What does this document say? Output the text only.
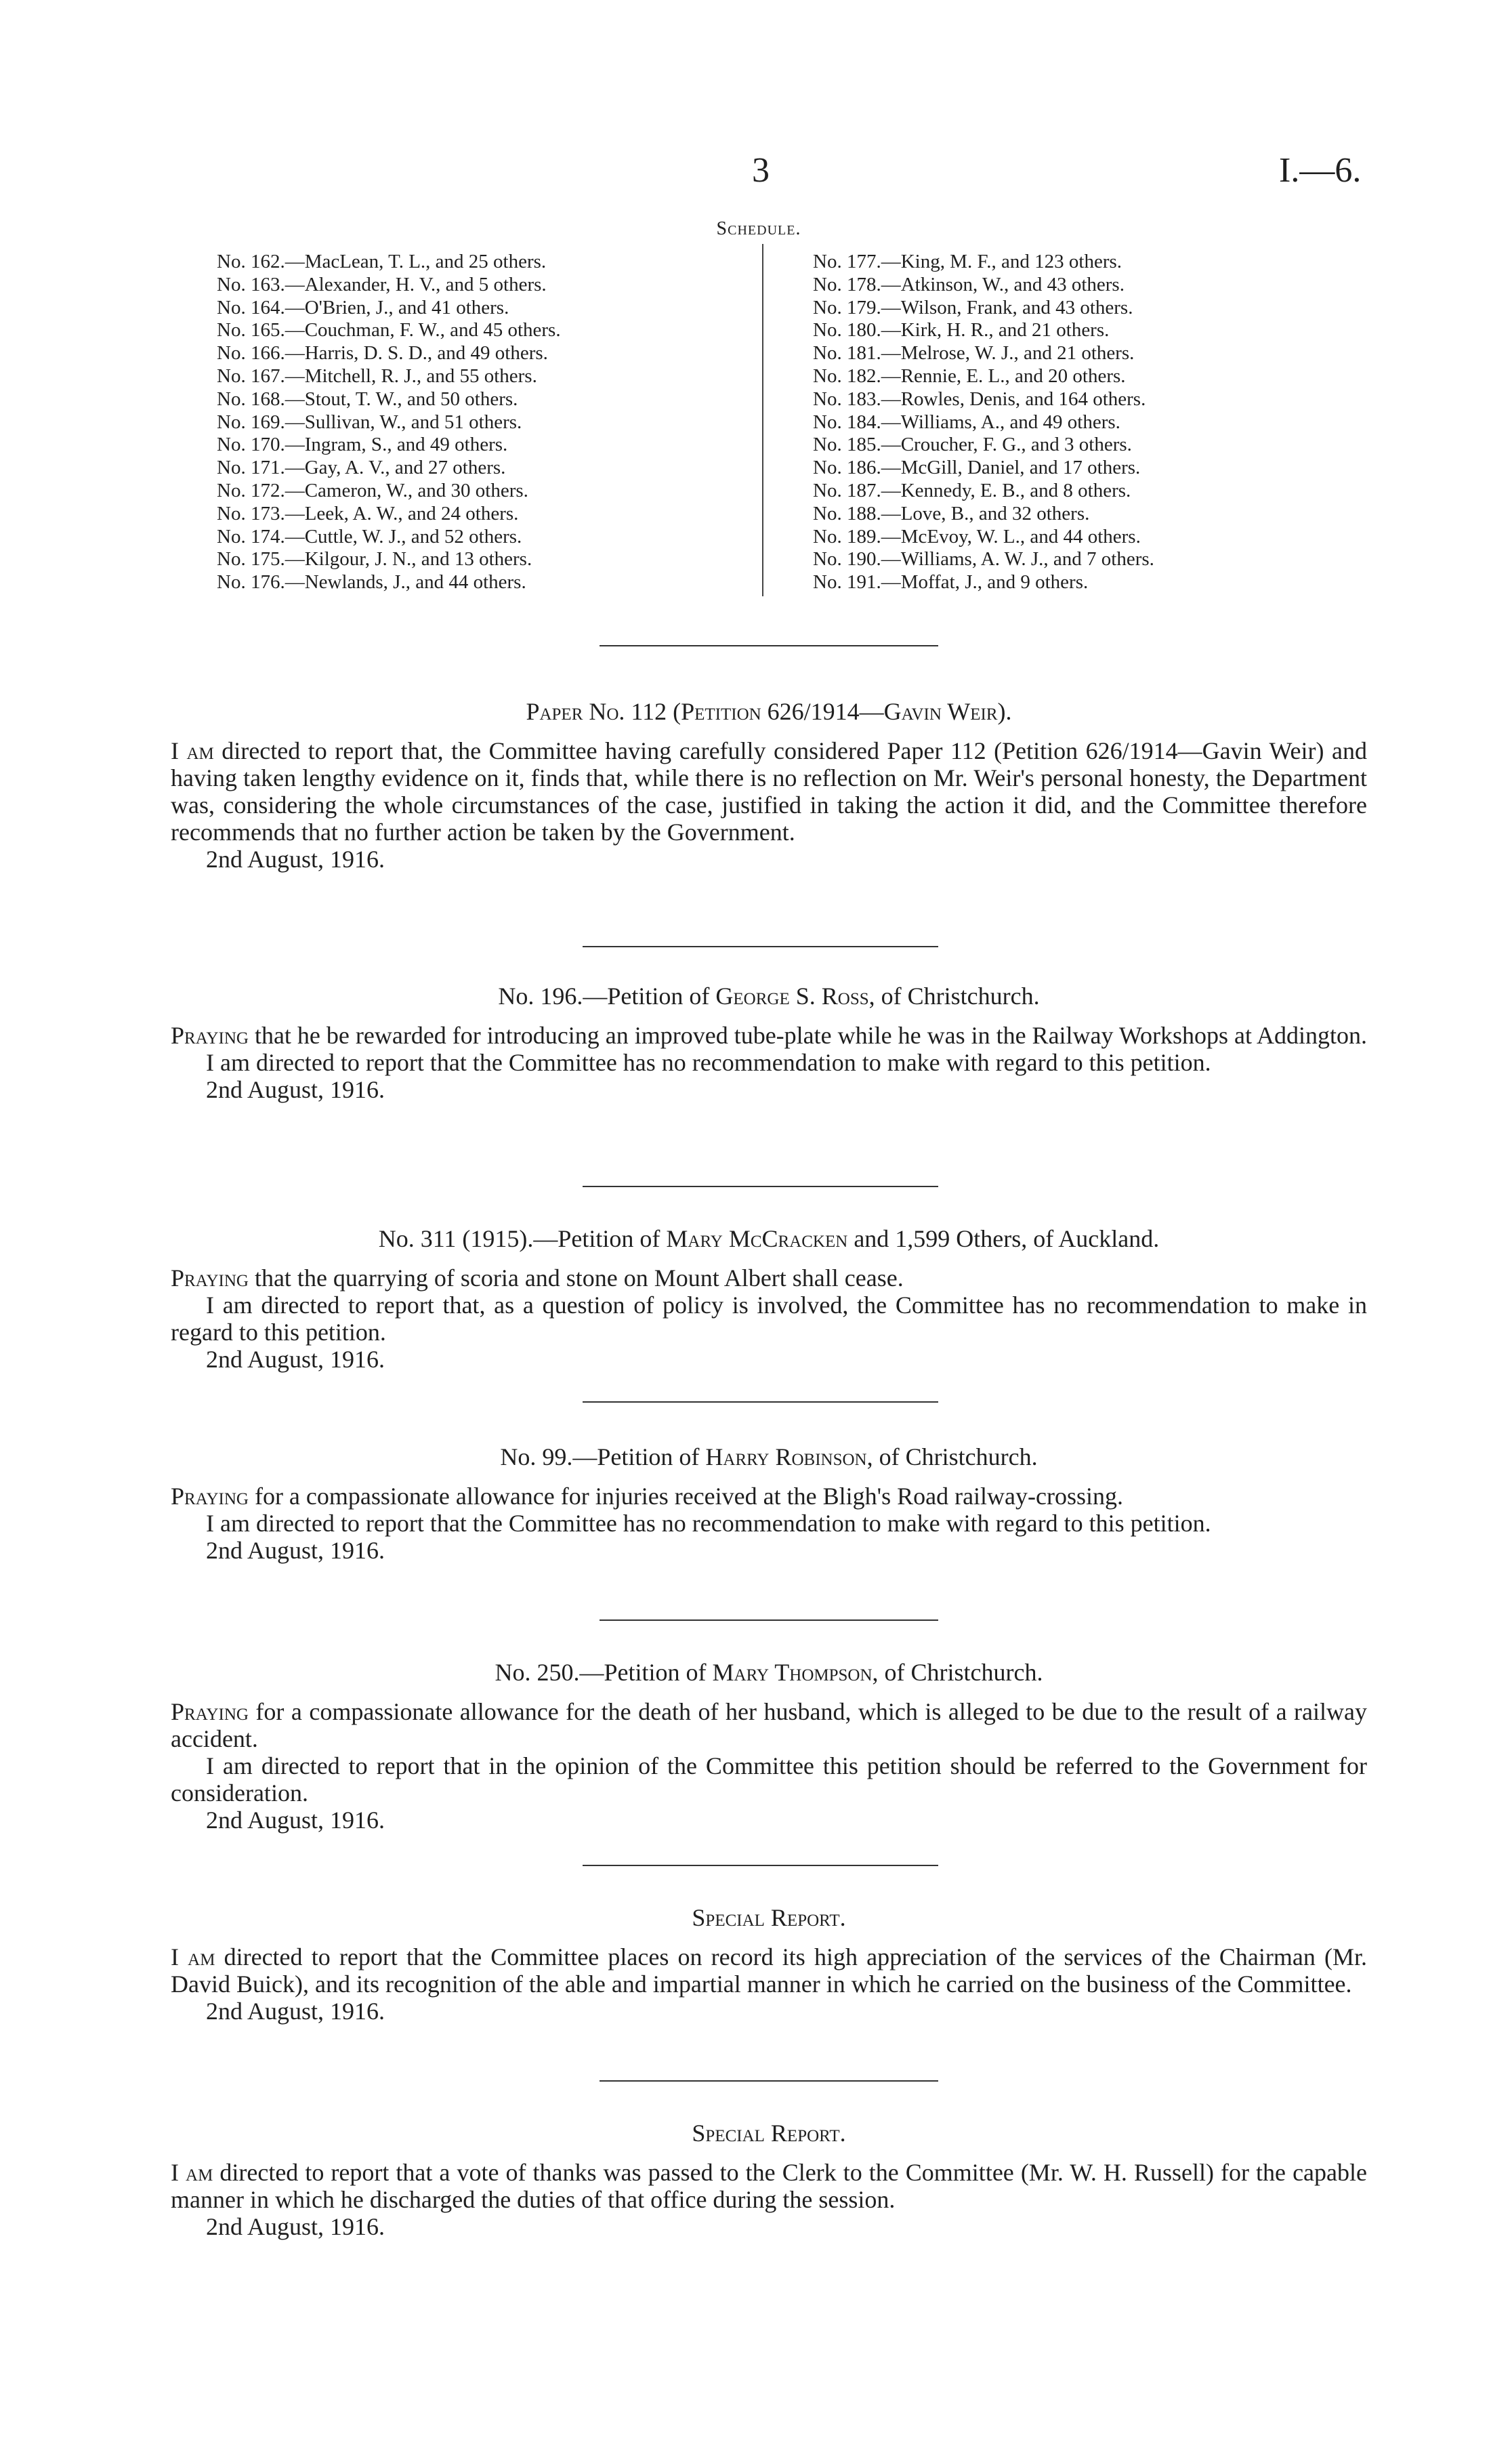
3	I.—6.
Schedule.
No. 162.—MacLean, T. L., and 25 others.
No. 163.—Alexander, H. V., and 5 others.
No. 164.—O'Brien, J., and 41 others.
No. 165.—Couchman, F. W., and 45 others.
No. 166.—Harris, D. S. D., and 49 others.
No. 167.—Mitchell, R. J., and 55 others.
No. 168.—Stout, T. W., and 50 others.
No. 169.—Sullivan, W., and 51 others.
No. 170.—Ingram, S., and 49 others.
No. 171.—Gay, A. V., and 27 others.
No. 172.—Cameron, W., and 30 others.
No. 173.—Leek, A. W., and 24 others.
No. 174.—Cuttle, W. J., and 52 others.
No. 175.—Kilgour, J. N., and 13 others.
No. 176.—Newlands, J., and 44 others.
No. 177.—King, M. F., and 123 others.
No. 178.—Atkinson, W., and 43 others.
No. 179.—Wilson, Frank, and 43 others.
No. 180.—Kirk, H. R., and 21 others.
No. 181.—Melrose, W. J., and 21 others.
No. 182.—Rennie, E. L., and 20 others.
No. 183.—Rowles, Denis, and 164 others.
No. 184.—Williams, A., and 49 others.
No. 185.—Croucher, F. G., and 3 others.
No. 186.—McGill, Daniel, and 17 others.
No. 187.—Kennedy, E. B., and 8 others.
No. 188.—Love, B., and 32 others.
No. 189.—McEvoy, W. L., and 44 others.
No. 190.—Williams, A. W. J., and 7 others.
No. 191.—Moffat, J., and 9 others.
Paper No. 112 (Petition 626/1914—Gavin Weir).

I am directed to report that, the Committee having carefully considered Paper 112 (Petition 626/1914—Gavin Weir) and having taken lengthy evidence on it, finds that, while there is no reflection on Mr. Weir's personal honesty, the Department was, considering the whole circumstances of the case, justified in taking the action it did, and the Committee therefore recommends that no further action be taken by the Government.

2nd August, 1916.
No. 196.—Petition of George S. Ross, of Christchurch.

Praying that he be rewarded for introducing an improved tube-plate while he was in the Railway Workshops at Addington.

I am directed to report that the Committee has no recommendation to make with regard to this petition.

2nd August, 1916.
No. 311 (1915).—Petition of Mary McCracken and 1,599 Others, of Auckland.

Praying that the quarrying of scoria and stone on Mount Albert shall cease.

I am directed to report that, as a question of policy is involved, the Committee has no recommendation to make in regard to this petition.

2nd August, 1916.
No. 99.—Petition of Harry Robinson, of Christchurch.

Praying for a compassionate allowance for injuries received at the Bligh's Road railway-crossing.

I am directed to report that the Committee has no recommendation to make with regard to this petition.

2nd August, 1916.
No. 250.—Petition of Mary Thompson, of Christchurch.

Praying for a compassionate allowance for the death of her husband, which is alleged to be due to the result of a railway accident.

I am directed to report that in the opinion of the Committee this petition should be referred to the Government for consideration.

2nd August, 1916.
Special Report.

I am directed to report that the Committee places on record its high appreciation of the services of the Chairman (Mr. David Buick), and its recognition of the able and impartial manner in which he carried on the business of the Committee.

2nd August, 1916.
Special Report.

I am directed to report that a vote of thanks was passed to the Clerk to the Committee (Mr. W. H. Russell) for the capable manner in which he discharged the duties of that office during the session.

2nd August, 1916.
